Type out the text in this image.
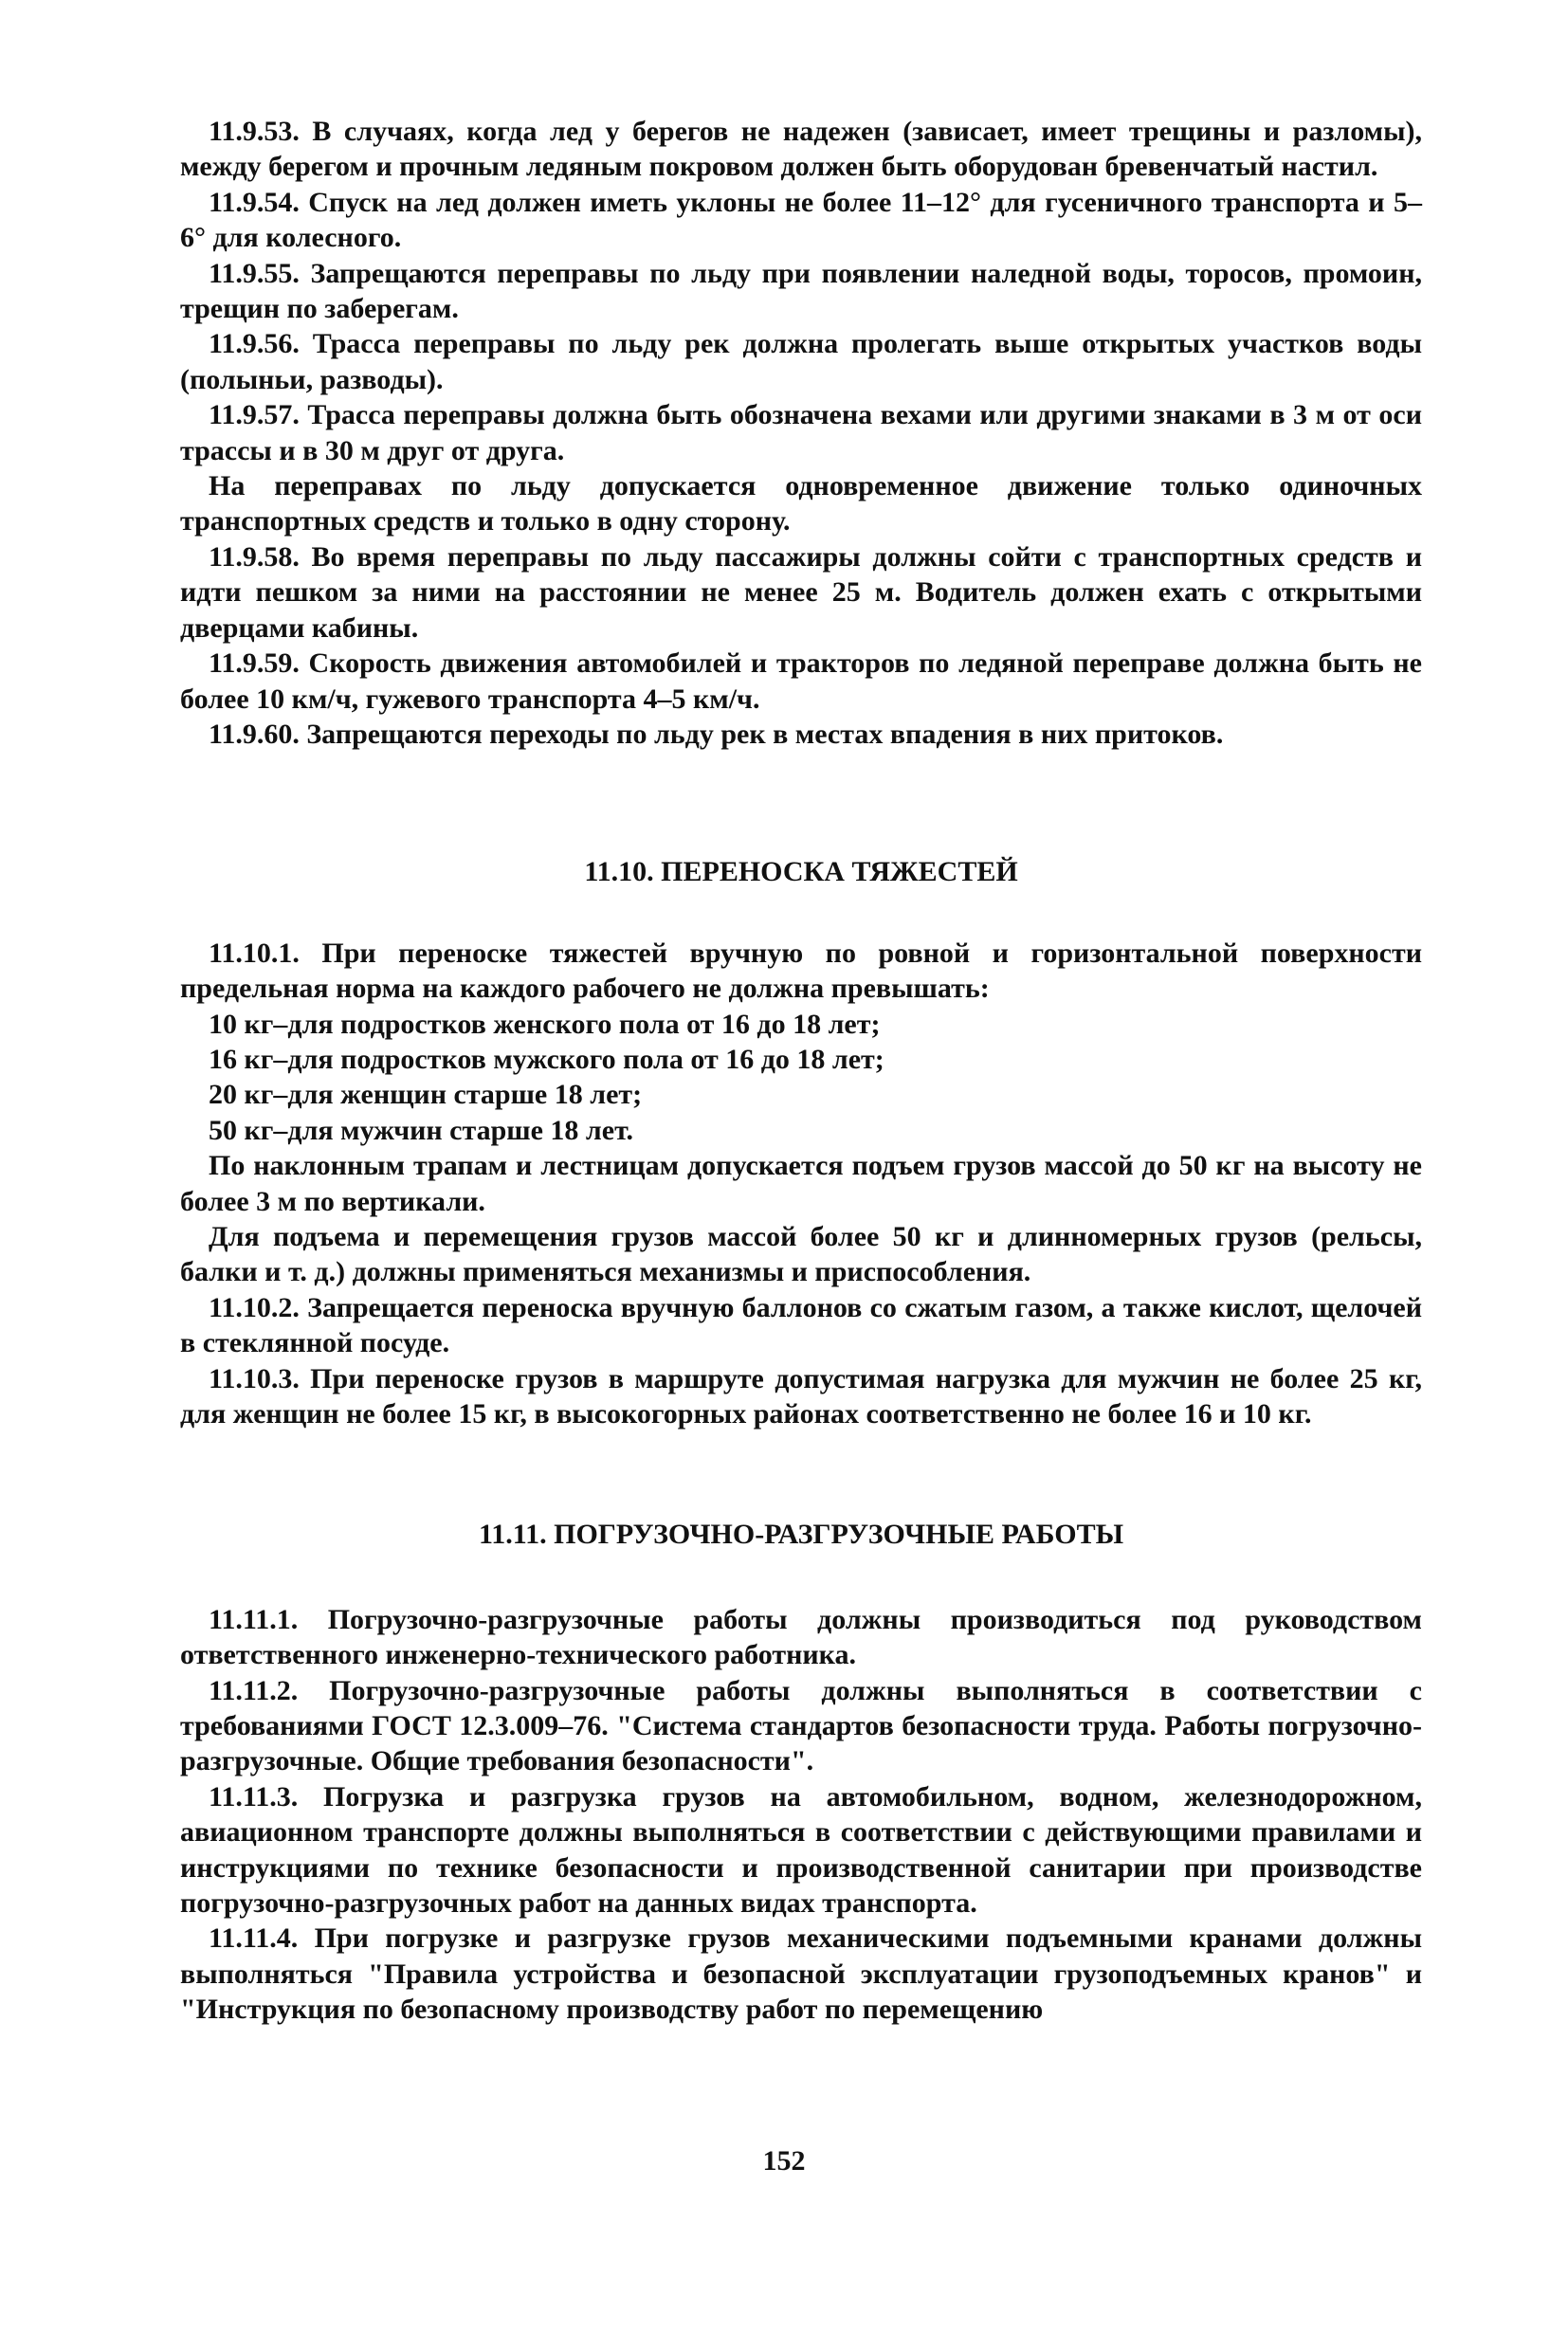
11.9.53. В случаях, когда лед у берегов не надежен (зависает, имеет трещины и разломы), между берегом и прочным ледяным покровом должен быть оборудован бревенчатый настил.

11.9.54. Спуск на лед должен иметь уклоны не более 11–12° для гусеничного транспорта и 5–6° для колесного.

11.9.55. Запрещаются переправы по льду при появлении наледной воды, торосов, промоин, трещин по заберегам.

11.9.56. Трасса переправы по льду рек должна пролегать выше открытых участков воды (полыньи, разводы).

11.9.57. Трасса переправы должна быть обозначена вехами или другими знаками в 3 м от оси трассы и в 30 м друг от друга.

На переправах по льду допускается одновременное движение только одиночных транспортных средств и только в одну сторону.

11.9.58. Во время переправы по льду пассажиры должны сойти с транспортных средств и идти пешком за ними на расстоянии не менее 25 м. Водитель должен ехать с открытыми дверцами кабины.

11.9.59. Скорость движения автомобилей и тракторов по ледяной переправе должна быть не более 10 км/ч, гужевого транспорта 4–5 км/ч.

11.9.60. Запрещаются переходы по льду рек в местах впадения в них притоков.

11.10. ПЕРЕНОСКА ТЯЖЕСТЕЙ

11.10.1. При переноске тяжестей вручную по ровной и горизонтальной поверхности предельная норма на каждого рабочего не должна превышать:

10 кг–для подростков женского пола от 16 до 18 лет;

16 кг–для подростков мужского пола от 16 до 18 лет;

20 кг–для женщин старше 18 лет;

50 кг–для мужчин старше 18 лет.

По наклонным трапам и лестницам допускается подъем грузов массой до 50 кг на высоту не более 3 м по вертикали.

Для подъема и перемещения грузов массой более 50 кг и длинномерных грузов (рельсы, балки и т. д.) должны применяться механизмы и приспособления.

11.10.2. Запрещается переноска вручную баллонов со сжатым газом, а также кислот, щелочей в стеклянной посуде.

11.10.3. При переноске грузов в маршруте допустимая нагрузка для мужчин не более 25 кг, для женщин не более 15 кг, в высокогорных районах соответственно не более 16 и 10 кг.

11.11. ПОГРУЗОЧНО-РАЗГРУЗОЧНЫЕ РАБОТЫ

11.11.1. Погрузочно-разгрузочные работы должны производиться под руководством ответственного инженерно-технического работника.

11.11.2. Погрузочно-разгрузочные работы должны выполняться в соответствии с требованиями ГОСТ 12.3.009–76. "Система стандартов безопасности труда. Работы погрузочно-разгрузочные. Общие требования безопасности".

11.11.3. Погрузка и разгрузка грузов на автомобильном, водном, железнодорожном, авиационном транспорте должны выполняться в соответствии с действующими правилами и инструкциями по технике безопасности и производственной санитарии при производстве погрузочно-разгрузочных работ на данных видах транспорта.

11.11.4. При погрузке и разгрузке грузов механическими подъемными кранами должны выполняться "Правила устройства и безопасной эксплуатации грузоподъемных кранов" и "Инструкция по безопасному производству работ по перемещению

152
